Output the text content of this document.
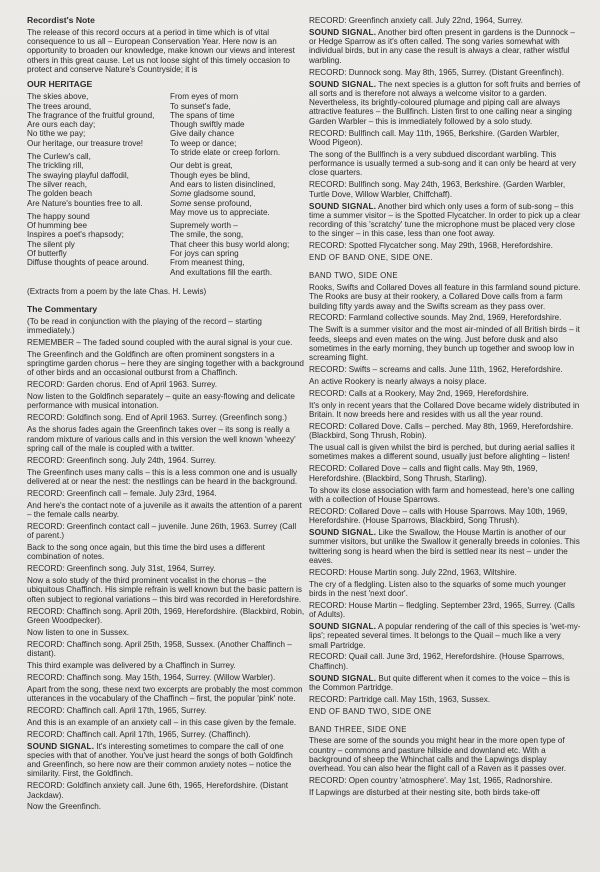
Recordist's Note

The release of this record occurs at a period in time which is of vital consequence to us all – European Conservation Year. Here now is an opportunity to broaden our knowledge, make known our views and interest others in this great cause. Let us not loose sight of this timely occasion to protect and conserve Nature's Countryside; it is

OUR HERITAGE

The skies above,
The trees around,
The fragrance of the fruitful ground,
Are ours each day;
No tithe we pay;
Our heritage, our treasure trove!
The Curlew's call,
The trickling rill,
The swaying playful daffodil,
The silver reach,
The golden beach
Are Nature's bounties free to all.
The happy sound
Of humming bee
Inspires a poet's rhapsody;
The silent ply
Of butterfly
Diffuse thoughts of peace around.
From eyes of morn
To sunset's fade,
The spans of time
Though swiftly made
Give daily chance
To weep or dance;
To stride elate or creep forlorn.
Our debt is great,
Though eyes be blind,
And ears to listen disinclined,
Some gladsome sound,
Some sense profound,
May move us to appreciate.
Supremely worth –
The smile, the song,
That cheer this busy world along;
For joys can spring
From meanest thing,
And exultations fill the earth.

(Extracts from a poem by the late Chas. H. Lewis)

The Commentary

(To be read in conjunction with the playing of the record – starting immediately.)

REMEMBER – The faded sound coupled with the aural signal is your cue.

The Greenfinch and the Goldfinch are often prominent songsters in a springtime garden chorus – here they are singing together with a background of other birds and an occasional outburst from a Chaffinch.

RECORD: Garden chorus. End of April 1963. Surrey.

Now listen to the Goldfinch separately – quite an easy-flowing and delicate performance with musical intonation.

RECORD: Goldfinch song. End of April 1963. Surrey. (Greenfinch song.)

As the shorus fades again the Greenfinch takes over – its song is really a random mixture of various calls and in this version the well known 'wheezy' spring call of the male is coupled with a twitter.

RECORD: Greenfinch song. July 24th, 1964. Surrey.

The Greenfinch uses many calls – this is a less common one and is usually delivered at or near the nest: the nestlings can be heard in the background.

RECORD: Greenfinch call – female. July 23rd, 1964.

And here's the contact note of a juvenile as it awaits the attention of a parent – the female calls nearby.

RECORD: Greenfinch contact call – juvenile. June 26th, 1963. Surrey (Call of parent.)

Back to the song once again, but this time the bird uses a different combination of notes.

RECORD: Greenfinch song. July 31st, 1964, Surrey.

Now a solo study of the third prominent vocalist in the chorus – the ubiquitous Chaffinch. His simple refrain is well known but the basic pattern is often subject to regional variations – this bird was recorded in Herefordshire.

RECORD: Chaffinch song. April 20th, 1969, Herefordshire. (Blackbird, Robin, Green Woodpecker).

Now listen to one in Sussex.

RECORD: Chaffinch song. April 25th, 1958, Sussex. (Another Chaffinch – distant).

This third example was delivered by a Chaffinch in Surrey.

RECORD: Chaffinch song. May 15th, 1964, Surrey. (Willow Warbler).

Apart from the song, these next two excerpts are probably the most common utterances in the vocabulary of the Chaffinch – first, the popular 'pink' note.

RECORD: Chaffinch call. April 17th, 1965, Surrey.

And this is an example of an anxiety call – in this case given by the female.

RECORD: Chaffinch call. April 17th, 1965, Surrey. (Chaffinch).

SOUND SIGNAL. It's interesting sometimes to compare the call of one species with that of another. You've just heard the songs of both Goldfinch and Greenfinch, so here now are their common anxiety notes – notice the similarity. First, the Goldfinch.

RECORD: Goldfinch anxiety call. June 6th, 1965, Herefordshire. (Distant Jackdaw).

Now the Greenfinch.

RECORD: Greenfinch anxiety call. July 22nd, 1964, Surrey.

SOUND SIGNAL. Another bird often present in gardens is the Dunnock – or Hedge Sparrow as it's often called. The song varies somewhat with individual birds, but in any case the result is always a clear, rather wistful warbling.

RECORD: Dunnock song. May 8th, 1965, Surrey. (Distant Greenfinch).

SOUND SIGNAL. The next species is a glutton for soft fruits and berries of all sorts and is therefore not always a welcome visitor to a garden. Nevertheless, its brightly-coloured plumage and piping call are always attractive features – the Bullfinch. Listen first to one calling near a singing Garden Warbler – this is immediately followed by a solo study.

RECORD: Bullfinch call. May 11th, 1965, Berkshire. (Garden Warbler, Wood Pigeon).

The song of the Bullfinch is a very subdued discordant warbling. This performance is usually termed a sub-song and it can only be heard at very close quarters.

RECORD: Bullfinch song. May 24th, 1963, Berkshire. (Garden Warbler, Turtle Dove, Willow Warbler, Chiffchaff).

SOUND SIGNAL. Another bird which only uses a form of sub-song – this time a summer visitor – is the Spotted Flycatcher. In order to pick up a clear recording of this 'scratchy' tune the microphone must be placed very close to the singer – in this case, less than one foot away.

RECORD: Spotted Flycatcher song. May 29th, 1968, Herefordshire.

END OF BAND ONE, SIDE ONE.

BAND TWO, SIDE ONE

Rooks, Swifts and Collared Doves all feature in this farmland sound picture. The Rooks are busy at their rookery, a Collared Dove calls from a farm building fifty yards away and the Swifts scream as they pass over.

RECORD: Farmland collective sounds. May 2nd, 1969, Herefordshire.

The Swift is a summer visitor and the most air-minded of all British birds – it feeds, sleeps and even mates on the wing. Just before dusk and also sometimes in the early morning, they bunch up together and swoop low in screaming flight.

RECORD: Swifts – screams and calls. June 11th, 1962, Herefordshire.

An active Rookery is nearly always a noisy place.

RECORD: Calls at a Rookery, May 2nd, 1969, Herefordshire.

It's only in recent years that the Collared Dove became widely distributed in Britain. It now breeds here and resides with us all the year round.

RECORD: Collared Dove. Calls – perched. May 8th, 1969, Herefordshire. (Blackbird, Song Thrush, Robin).

The usual call is given whilst the bird is perched, but during aerial sallies it sometimes makes a different sound, usually just before alighting – listen!

RECORD: Collared Dove – calls and flight calls. May 9th, 1969, Herefordshire. (Blackbird, Song Thrush, Starling).

To show its close association with farm and homestead, here's one calling with a collection of House Sparrows.

RECORD: Collared Dove – calls with House Sparrows. May 10th, 1969, Herefordshire. (House Sparrows, Blackbird, Song Thrush).

SOUND SIGNAL. Like the Swallow, the House Martin is another of our summer visitors, but unlike the Swallow it generally breeds in colonies. This twittering song is heard when the bird is settled near its nest – under the eaves.

RECORD: House Martin song. July 22nd, 1963, Wiltshire.

The cry of a fledgling. Listen also to the squarks of some much younger birds in the nest 'next door'.

RECORD: House Martin – fledgling. September 23rd, 1965, Surrey. (Calls of Adults).

SOUND SIGNAL. A popular rendering of the call of this species is 'wet-my-lips'; repeated several times. It belongs to the Quail – much like a very small Partridge.

RECORD: Quail call. June 3rd, 1962, Herefordshire. (House Sparrows, Chaffinch).

SOUND SIGNAL. But quite different when it comes to the voice – this is the Common Partridge.

RECORD: Partridge call. May 15th, 1963, Sussex.

END OF BAND TWO, SIDE ONE

BAND THREE, SIDE ONE

These are some of the sounds you might hear in the more open type of country – commons and pasture hillside and downland etc. With a background of sheep the Whinchat calls and the Lapwings display overhead. You can also hear the flight call of a Raven as it passes over.

RECORD: Open country 'atmosphere'. May 1st, 1965, Radnorshire.

If Lapwings are disturbed at their nesting site, both birds take-off
